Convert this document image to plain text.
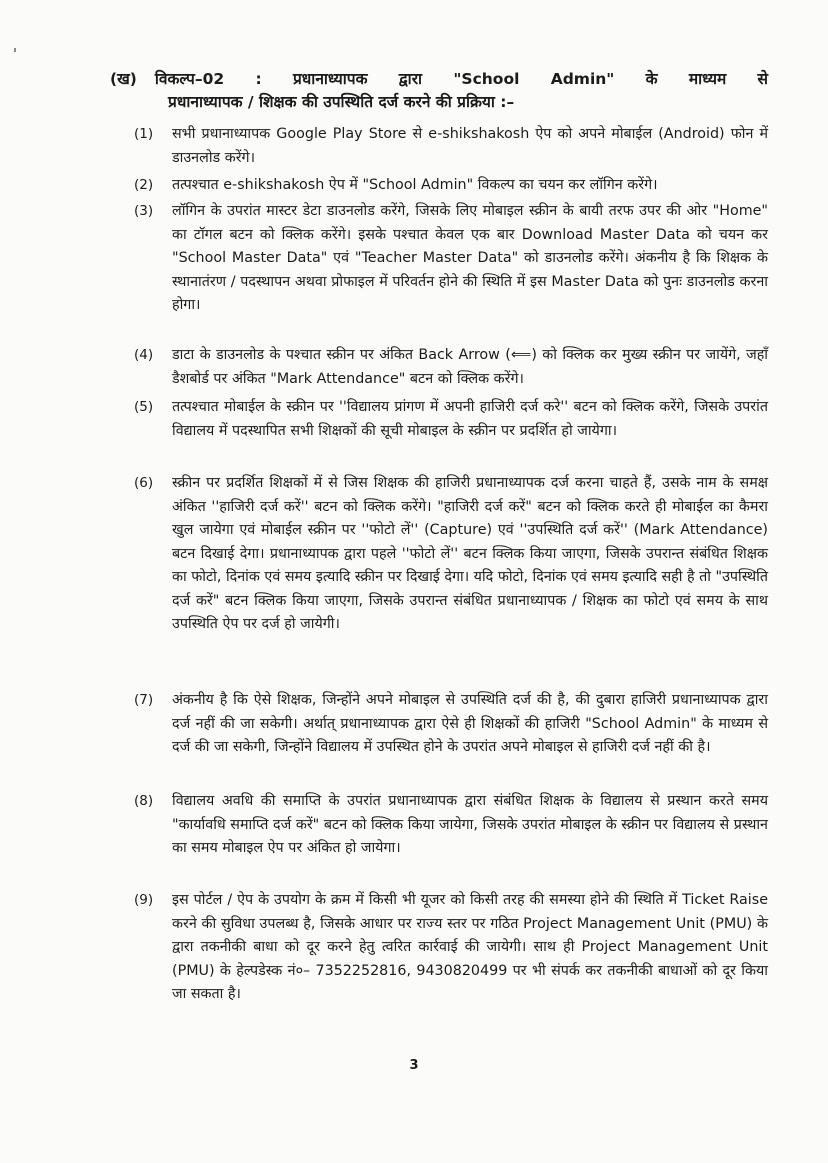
(ख) विकल्प–02   :   प्रधानाध्यापक   द्वारा   "School   Admin"   के   माध्यम   से
प्रधानाध्यापक / शिक्षक की उपस्थिति दर्ज करने की प्रक्रिया :–
(1)	सभी प्रधानाध्यापक Google Play Store से e-shikshakosh ऐप को अपने मोबाईल (Android) फोन में डाउनलोड करेंगे।
(2)	तत्पश्चात e-shikshakosh ऐप में "School Admin" विकल्प का चयन कर लॉगिन करेंगे।
(3)	लॉगिन के उपरांत मास्टर डेटा डाउनलोड करेंगे, जिसके लिए मोबाइल स्क्रीन के बायी तरफ उपर की ओर "Home" का टॉगल बटन को क्लिक करेंगे। इसके पश्चात केवल एक बार Download Master Data को चयन कर "School Master Data" एवं "Teacher Master Data" को डाउनलोड करेंगे। अंकनीय है कि शिक्षक के स्थानातंरण / पदस्थापन अथवा प्रोफाइल में परिवर्तन होने की स्थिति में इस Master Data को पुनः डाउनलोड करना होगा।
(4)	डाटा के डाउनलोड के पश्चात स्क्रीन पर अंकित Back Arrow (⟸) को क्लिक कर मुख्य स्क्रीन पर जायेंगे, जहाँ डैशबोर्ड पर अंकित "Mark Attendance" बटन को क्लिक करेंगे।
(5)	तत्पश्चात मोबाईल के स्क्रीन पर ''विद्यालय प्रांगण में अपनी हाजिरी दर्ज करे'' बटन को क्लिक करेंगे, जिसके उपरांत विद्यालय में पदस्थापित सभी शिक्षकों की सूची मोबाइल के स्क्रीन पर प्रदर्शित हो जायेगा।
(6)	स्क्रीन पर प्रदर्शित शिक्षकों में से जिस शिक्षक की हाजिरी प्रधानाध्यापक दर्ज करना चाहते हैं, उसके नाम के समक्ष अंकित ''हाजिरी दर्ज करें'' बटन को क्लिक करेंगे। "हाजिरी दर्ज करें" बटन को क्लिक करते ही मोबाईल का कैमरा खुल जायेगा एवं मोबाईल स्क्रीन पर ''फोटो लें'' (Capture) एवं ''उपस्थिति दर्ज करें'' (Mark Attendance) बटन दिखाई देगा। प्रधानाध्यापक द्वारा पहले ''फोटो लें'' बटन क्लिक किया जाएगा, जिसके उपरान्त संबंधित शिक्षक का फोटो, दिनांक एवं समय इत्यादि स्क्रीन पर दिखाई देगा। यदि फोटो, दिनांक एवं समय इत्यादि सही है तो "उपस्थिति दर्ज करें" बटन क्लिक किया जाएगा, जिसके उपरान्त संबंधित प्रधानाध्यापक / शिक्षक का फोटो एवं समय के साथ उपस्थिति ऐप पर दर्ज हो जायेगी।
(7)	अंकनीय है कि ऐसे शिक्षक, जिन्होंने अपने मोबाइल से उपस्थिति दर्ज की है, की दुबारा हाजिरी प्रधानाध्यापक द्वारा दर्ज नहीं की जा सकेगी। अर्थात् प्रधानाध्यापक द्वारा ऐसे ही शिक्षकों की हाजिरी "School Admin" के माध्यम से दर्ज की जा सकेगी, जिन्होंने विद्यालय में उपस्थित होने के उपरांत अपने मोबाइल से हाजिरी दर्ज नहीं की है।
(8)	विद्यालय अवधि की समाप्ति के उपरांत प्रधानाध्यापक द्वारा संबंधित शिक्षक के विद्यालय से प्रस्थान करते समय "कार्यावधि समाप्ति दर्ज करें" बटन को क्लिक किया जायेगा, जिसके उपरांत मोबाइल के स्क्रीन पर विद्यालय से प्रस्थान का समय मोबाइल ऐप पर अंकित हो जायेगा।
(9)	इस पोर्टल / ऐप के उपयोग के क्रम में किसी भी यूजर को किसी तरह की समस्या होने की स्थिति में Ticket Raise करने की सुविधा उपलब्ध है, जिसके आधार पर राज्य स्तर पर गठित Project Management Unit (PMU) के द्वारा तकनीकी बाधा को दूर करने हेतु त्वरित कार्रवाई की जायेगी। साथ ही Project Management Unit (PMU) के हेल्पडेस्क नं०– 7352252816, 9430820499 पर भी संपर्क कर तकनीकी बाधाओं को दूर किया जा सकता है।
3
